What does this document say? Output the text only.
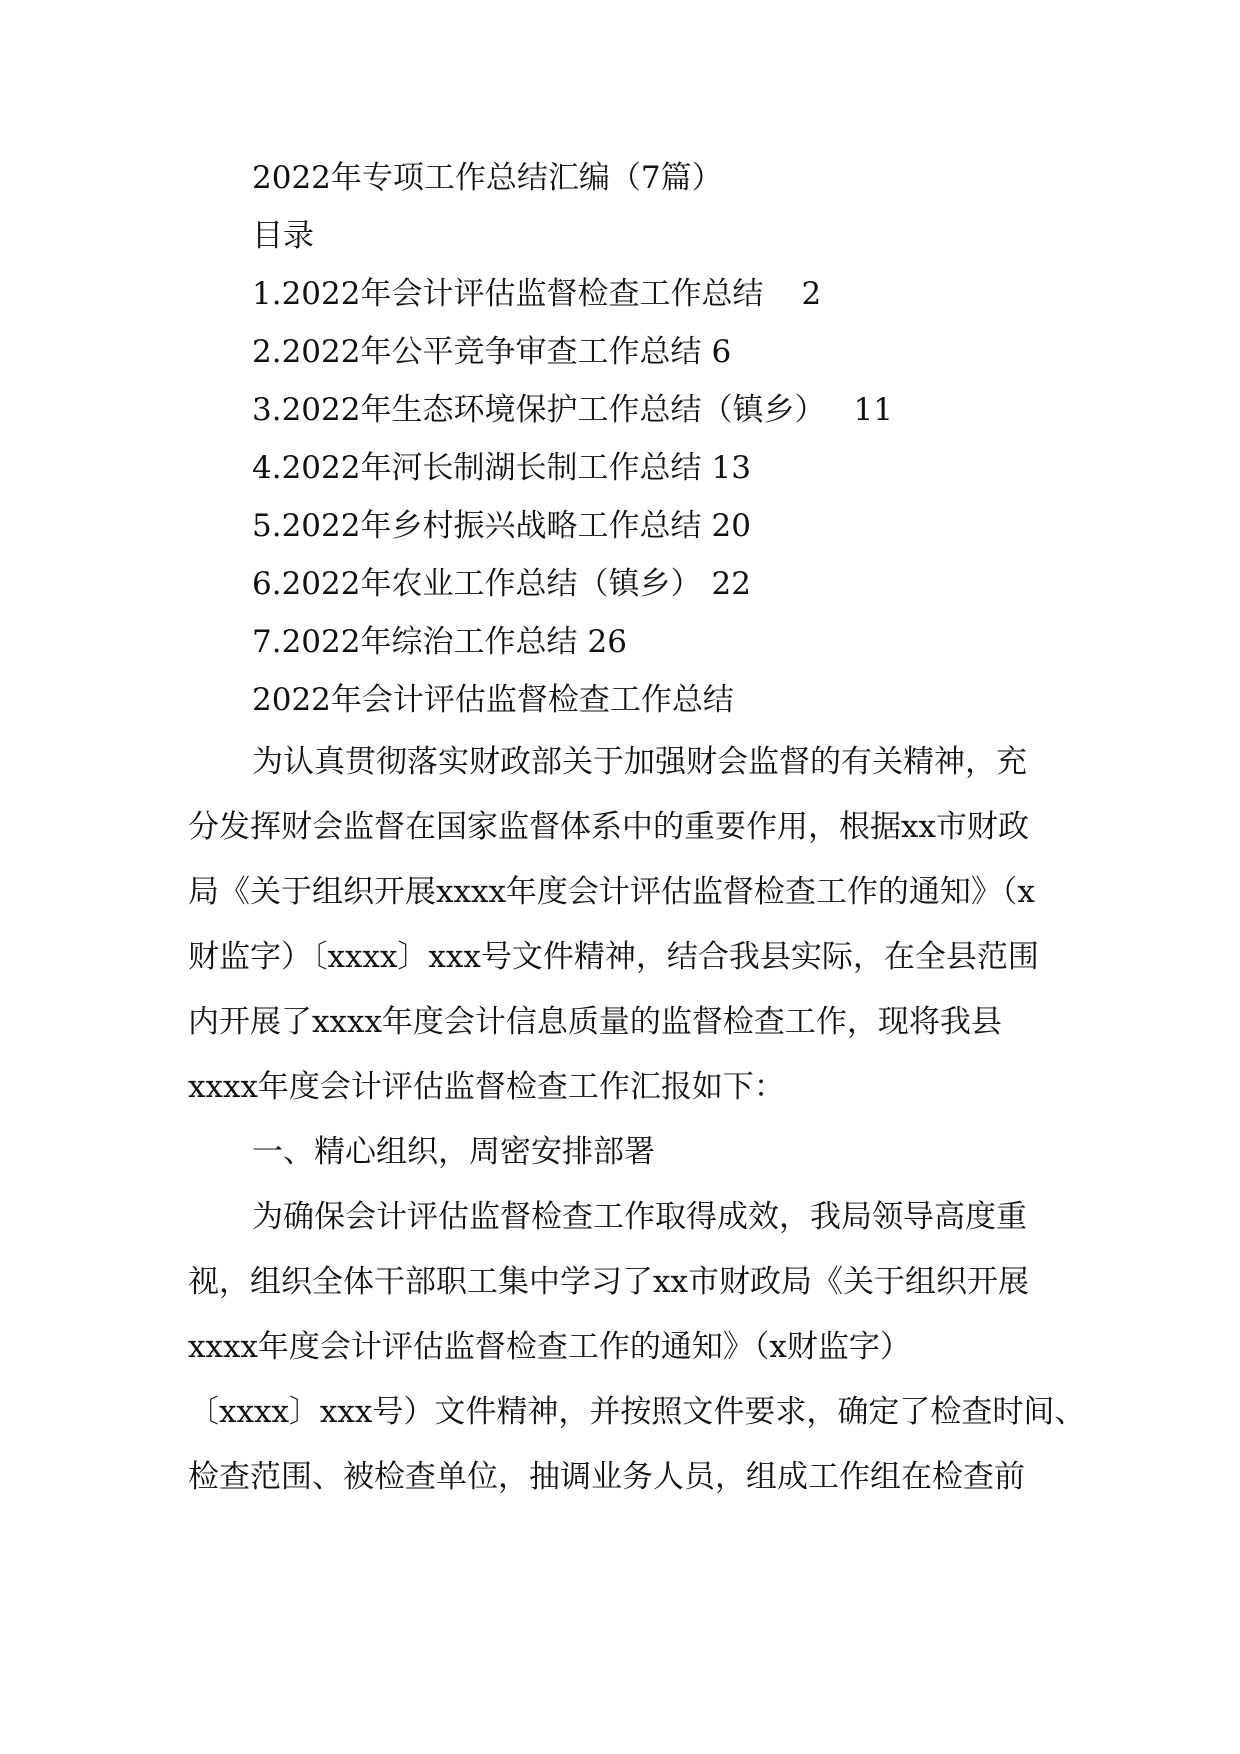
2022年专项工作总结汇编（7篇）
目录
1.2022年会计评估监督检查工作总结 2
2.2022年公平竞争审查工作总结 6
3.2022年生态环境保护工作总结（镇乡） 11
4.2022年河长制湖长制工作总结 13
5.2022年乡村振兴战略工作总结 20
6.2022年农业工作总结（镇乡） 22
7.2022年综治工作总结 26
2022年会计评估监督检查工作总结
为认真贯彻落实财政部关于加强财会监督的有关精神，充
分发挥财会监督在国家监督体系中的重要作用，根据xx市财政
局《关于组织开展xxxx年度会计评估监督检查工作的通知》（x
财监字）〔xxxx〕xxx号文件精神，结合我县实际，在全县范围
内开展了xxxx年度会计信息质量的监督检查工作，现将我县
xxxx年度会计评估监督检查工作汇报如下：
一、精心组织，周密安排部署
为确保会计评估监督检查工作取得成效，我局领导高度重
视，组织全体干部职工集中学习了xx市财政局《关于组织开展
xxxx年度会计评估监督检查工作的通知》（x财监字）
〔xxxx〕xxx号）文件精神，并按照文件要求，确定了检查时间、
检查范围、被检查单位，抽调业务人员，组成工作组在检查前
